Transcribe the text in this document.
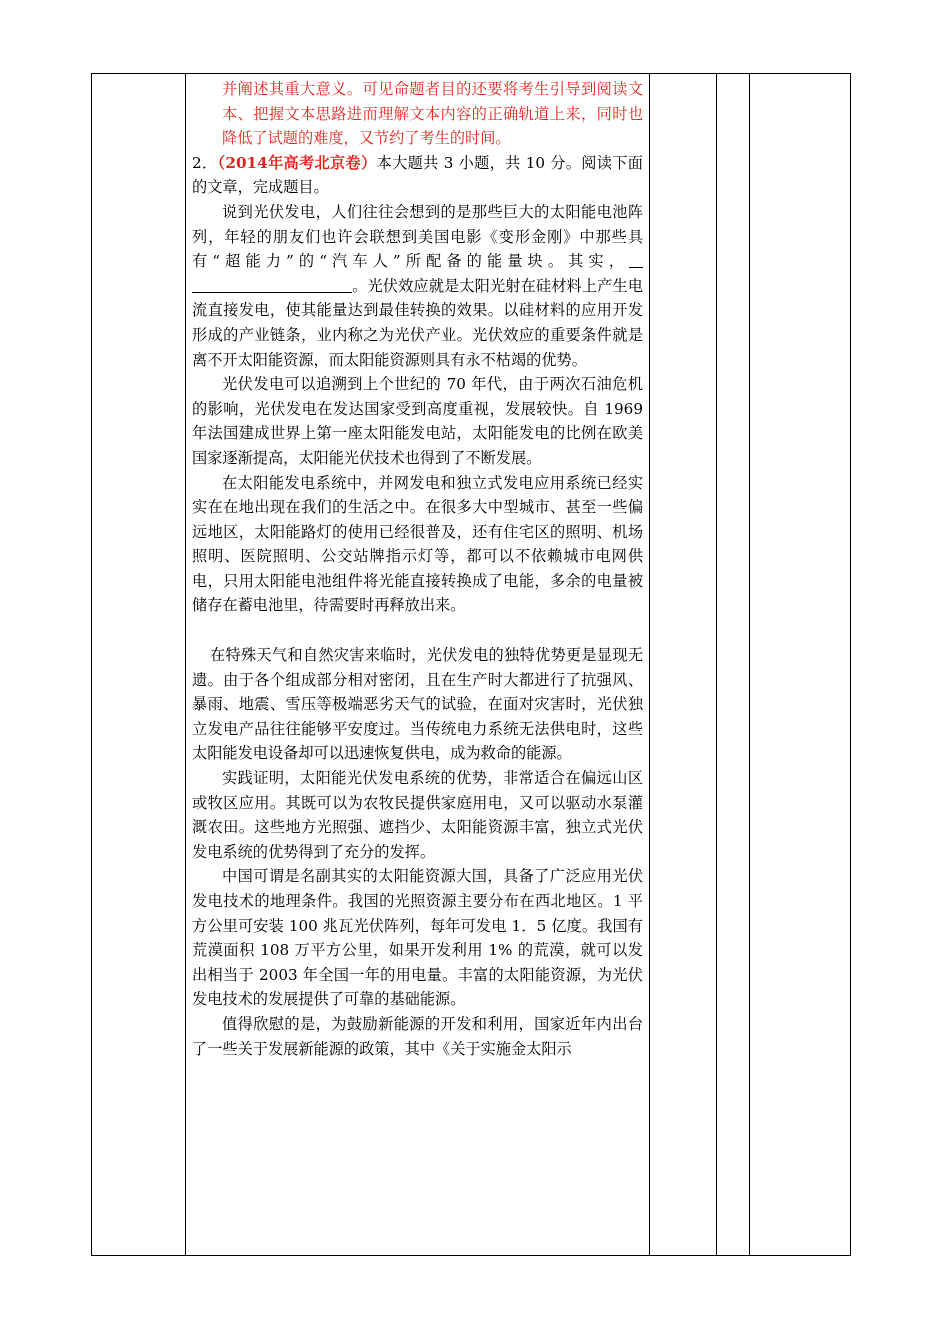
并阐述其重大意义。可见命题者目的还要将考生引导到阅读文本、把握文本思路进而理解文本内容的正确轨道上来，同时也降低了试题的难度，又节约了考生的时间。

2．（2014年高考北京卷）本大题共 3 小题，共 10 分。阅读下面的文章，完成题目。

说到光伏发电，人们往往会想到的是那些巨大的太阳能电池阵列，年轻的朋友们也许会联想到美国电影《变形金刚》中那些具有“超能力”的“汽车人”所配备的能量块。其实，。光伏效应就是太阳光射在硅材料上产生电流直接发电，使其能量达到最佳转换的效果。以硅材料的应用开发形成的产业链条，业内称之为光伏产业。光伏效应的重要条件就是离不开太阳能资源，而太阳能资源则具有永不枯竭的优势。

光伏发电可以追溯到上个世纪的 70 年代，由于两次石油危机的影响，光伏发电在发达国家受到高度重视，发展较快。自 1969 年法国建成世界上第一座太阳能发电站，太阳能发电的比例在欧美国家逐渐提高，太阳能光伏技术也得到了不断发展。

在太阳能发电系统中，并网发电和独立式发电应用系统已经实实在在地出现在我们的生活之中。在很多大中型城市、甚至一些偏远地区，太阳能路灯的使用已经很普及，还有住宅区的照明、机场照明、医院照明、公交站牌指示灯等，都可以不依赖城市电网供电，只用太阳能电池组件将光能直接转换成了电能，多余的电量被储存在蓄电池里，待需要时再释放出来。

在特殊天气和自然灾害来临时，光伏发电的独特优势更是显现无遗。由于各个组成部分相对密闭，且在生产时大都进行了抗强风、暴雨、地震、雪压等极端恶劣天气的试验，在面对灾害时，光伏独立发电产品往往能够平安度过。当传统电力系统无法供电时，这些太阳能发电设备却可以迅速恢复供电，成为救命的能源。

实践证明，太阳能光伏发电系统的优势，非常适合在偏远山区或牧区应用。其既可以为农牧民提供家庭用电，又可以驱动水泵灌溉农田。这些地方光照强、遮挡少、太阳能资源丰富，独立式光伏发电系统的优势得到了充分的发挥。

中国可谓是名副其实的太阳能资源大国，具备了广泛应用光伏发电技术的地理条件。我国的光照资源主要分布在西北地区。1 平方公里可安装 100 兆瓦光伏阵列，每年可发电 1．5 亿度。我国有荒漠面积 108 万平方公里，如果开发利用 1% 的荒漠，就可以发出相当于 2003 年全国一年的用电量。丰富的太阳能资源，为光伏发电技术的发展提供了可靠的基础能源。

值得欣慰的是，为鼓励新能源的开发和利用，国家近年内出台了一些关于发展新能源的政策，其中《关于实施金太阳示
